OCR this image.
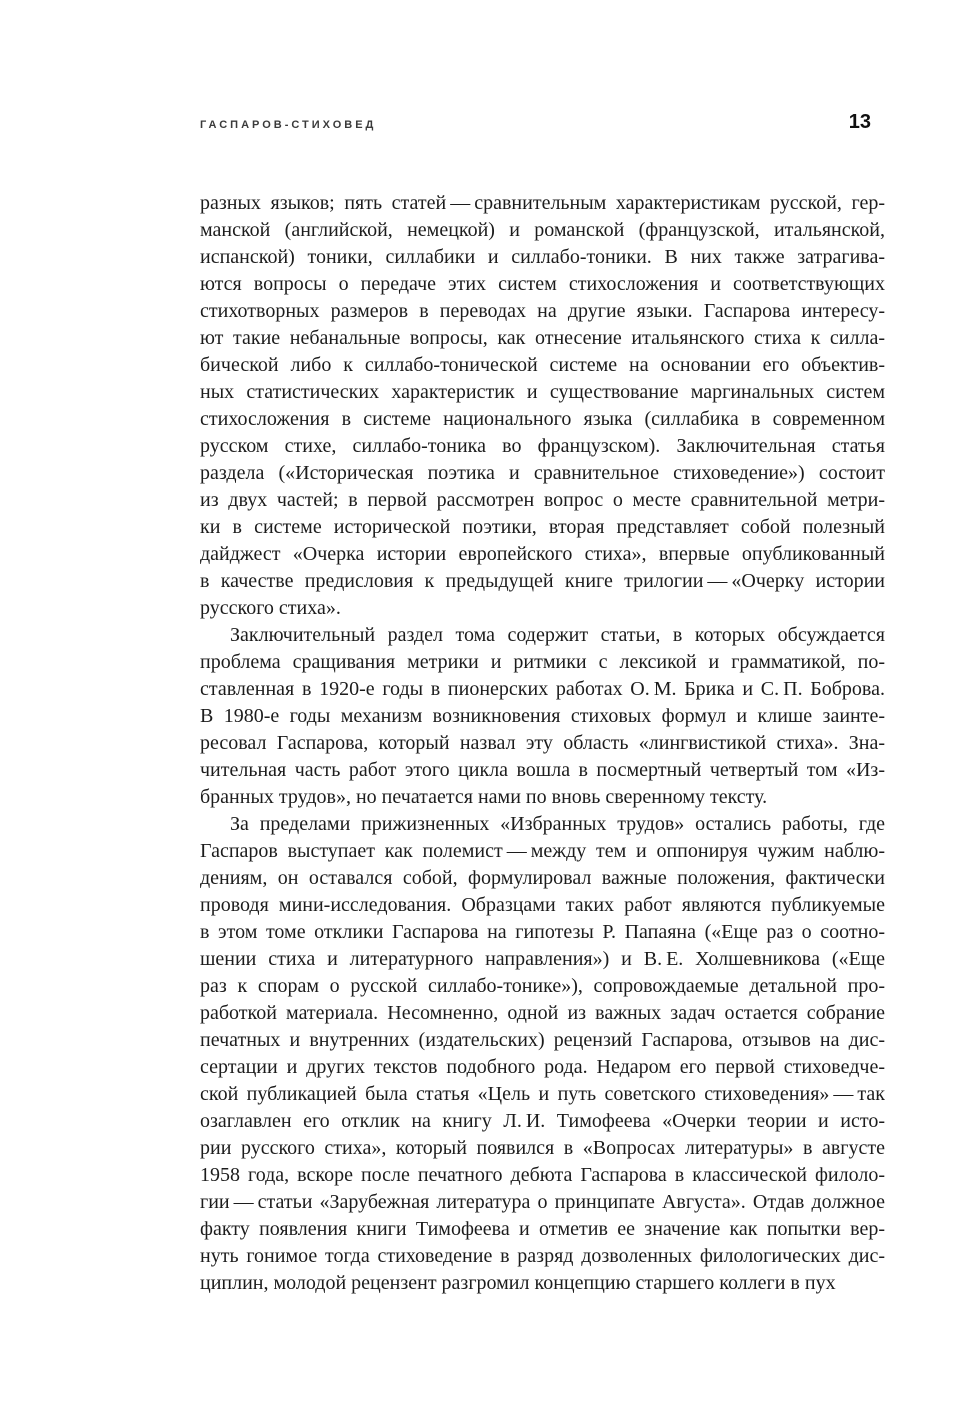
ГАСПАРОВ-СТИХОВЕД	13
разных языков; пять статей — сравнительным характеристикам русской, гер-
манской (английской, немецкой) и романской (французской, итальянской,
испанской) тоники, силлабики и силлабо-тоники. В них также затрагива-
ются вопросы о передаче этих систем стихосложения и соответствующих
стихотворных размеров в переводах на другие языки. Гаспарова интересу-
ют такие небанальные вопросы, как отнесение итальянского стиха к силла-
бической либо к силлабо-тонической системе на основании его объектив-
ных статистических характеристик и существование маргинальных систем
стихосложения в системе национального языка (силлабика в современном
русском стихе, силлабо-тоника во французском). Заключительная статья
раздела («Историческая поэтика и сравнительное стиховедение») состоит
из двух частей; в первой рассмотрен вопрос о месте сравнительной метри-
ки в системе исторической поэтики, вторая представляет собой полезный
дайджест «Очерка истории европейского стиха», впервые опубликованный
в качестве предисловия к предыдущей книге трилогии — «Очерку истории
русского стиха».
Заключительный раздел тома содержит статьи, в которых обсуждается
проблема сращивания метрики и ритмики с лексикой и грамматикой, по-
ставленная в 1920-е годы в пионерских работах О. М. Брика и С. П. Боброва.
В 1980-е годы механизм возникновения стиховых формул и клише заинте-
ресовал Гаспарова, который назвал эту область «лингвистикой стиха». Зна-
чительная часть работ этого цикла вошла в посмертный четвертый том «Из-
бранных трудов», но печатается нами по вновь сверенному тексту.
За пределами прижизненных «Избранных трудов» остались работы, где
Гаспаров выступает как полемист — между тем и оппонируя чужим наблю-
дениям, он оставался собой, формулировал важные положения, фактически
проводя мини-исследования. Образцами таких работ являются публикуемые
в этом томе отклики Гаспарова на гипотезы Р. Папаяна («Еще раз о соотно-
шении стиха и литературного направления») и В. Е. Холшевникова («Еще
раз к спорам о русской силлабо-тонике»), сопровождаемые детальной про-
работкой материала. Несомненно, одной из важных задач остается собрание
печатных и внутренних (издательских) рецензий Гаспарова, отзывов на дис-
сертации и других текстов подобного рода. Недаром его первой стиховедче-
ской публикацией была статья «Цель и путь советского стиховедения» — так
озаглавлен его отклик на книгу Л. И. Тимофеева «Очерки теории и исто-
рии русского стиха», который появился в «Вопросах литературы» в августе
1958 года, вскоре после печатного дебюта Гаспарова в классической филоло-
гии — статьи «Зарубежная литература о принципате Августа». Отдав должное
факту появления книги Тимофеева и отметив ее значение как попытки вер-
нуть гонимое тогда стиховедение в разряд дозволенных филологических дис-
циплин, молодой рецензент разгромил концепцию старшего коллеги в пух
